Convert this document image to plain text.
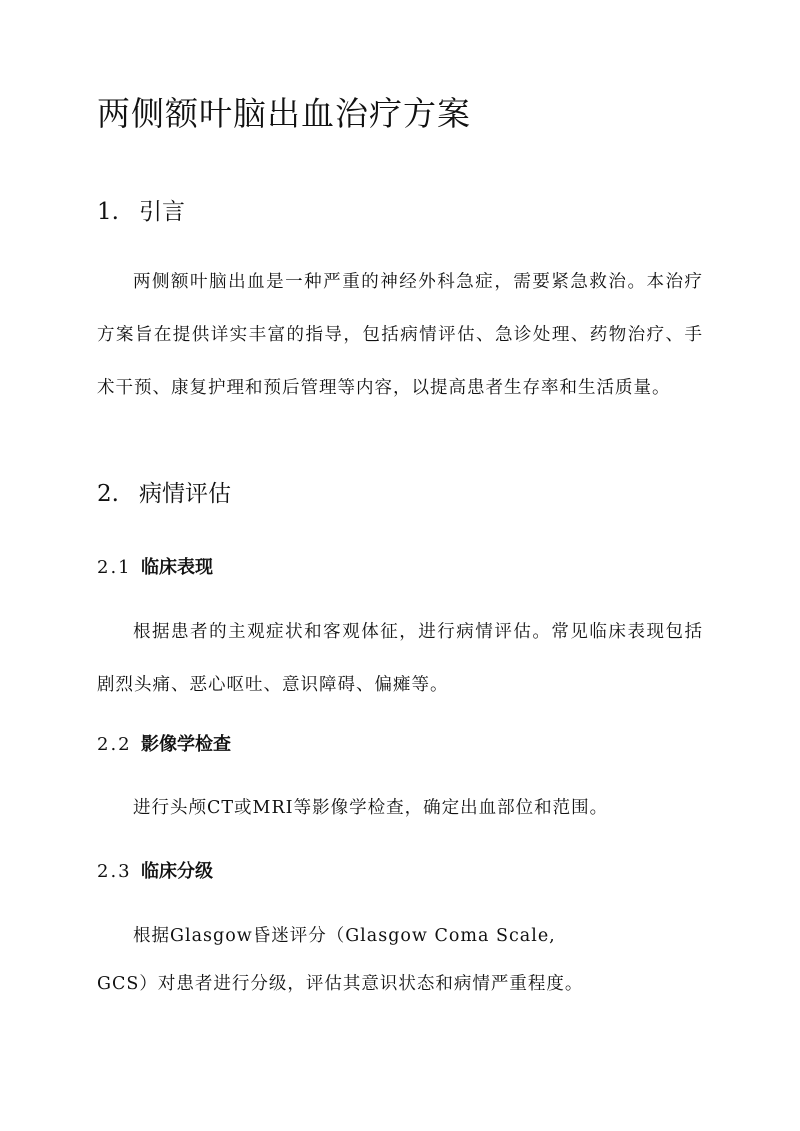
两侧额叶脑出血治疗方案
1. 引言

两侧额叶脑出血是一种严重的神经外科急症，需要紧急救治。本治疗方案旨在提供详实丰富的指导，包括病情评估、急诊处理、药物治疗、手术干预、康复护理和预后管理等内容，以提高患者生存率和生活质量。

2. 病情评估
2.1 临床表现

根据患者的主观症状和客观体征，进行病情评估。常见临床表现包括剧烈头痛、恶心呕吐、意识障碍、偏瘫等。

2.2 影像学检查

进行头颅CT或MRI等影像学检查，确定出血部位和范围。

2.3 临床分级

根据Glasgow昏迷评分（Glasgow Coma Scale,

GCS）对患者进行分级，评估其意识状态和病情严重程度。
